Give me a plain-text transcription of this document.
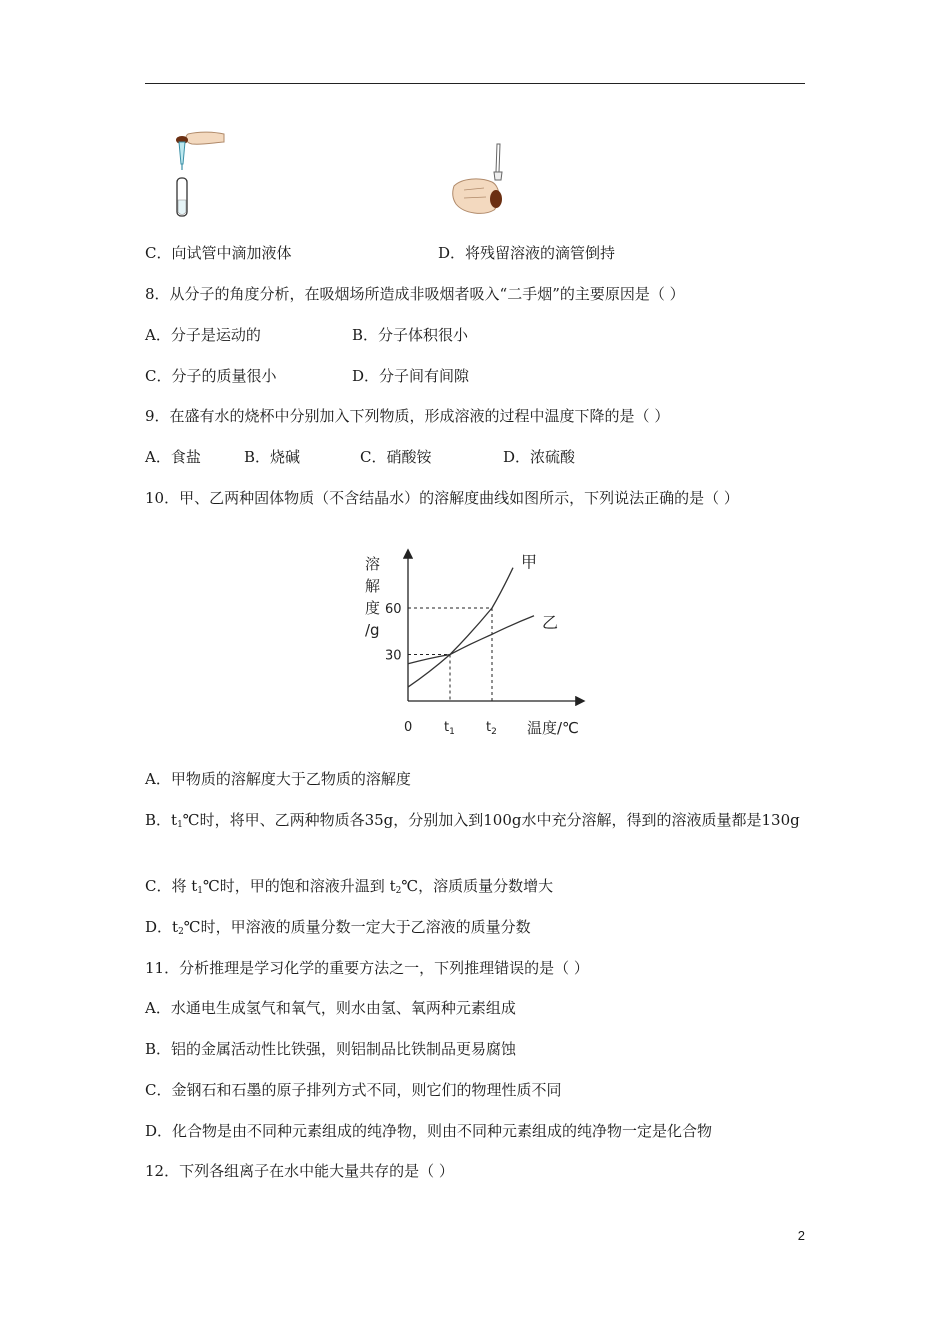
C．向试管中滴加液体	D．将残留溶液的滴管倒持
8．从分子的角度分析，在吸烟场所造成非吸烟者吸入“二手烟”的主要原因是（ ）
A．分子是运动的	B．分子体积很小
C．分子的质量很小	D．分子间有间隙
9．在盛有水的烧杯中分别加入下列物质，形成溶液的过程中温度下降的是（ ）
A．食盐	B．烧碱	C．硝酸铵	D．浓硫酸
10．甲、乙两种固体物质（不含结晶水）的溶解度曲线如图所示，下列说法正确的是（ ）
溶
解
度
/g
温度/℃
0
30
60
$t_1$ $t_2$
甲
乙
A．甲物质的溶解度大于乙物质的溶解度
B．$t_1℃$时，将甲、乙两种物质各35g，分别加入到100g水中充分溶解，得到的溶液质量都是130g
C．将 $t_1℃$时，甲的饱和溶液升温到 $t_2℃$，溶质质量分数增大
D．$t_2℃$时，甲溶液的质量分数一定大于乙溶液的质量分数
11．分析推理是学习化学的重要方法之一，下列推理错误的是（ ）
A．水通电生成氢气和氧气，则水由氢、氧两种元素组成
B．铝的金属活动性比铁强，则铝制品比铁制品更易腐蚀
C．金钢石和石墨的原子排列方式不同，则它们的物理性质不同
D．化合物是由不同种元素组成的纯净物，则由不同种元素组成的纯净物一定是化合物
12．下列各组离子在水中能大量共存的是（ ）
2
